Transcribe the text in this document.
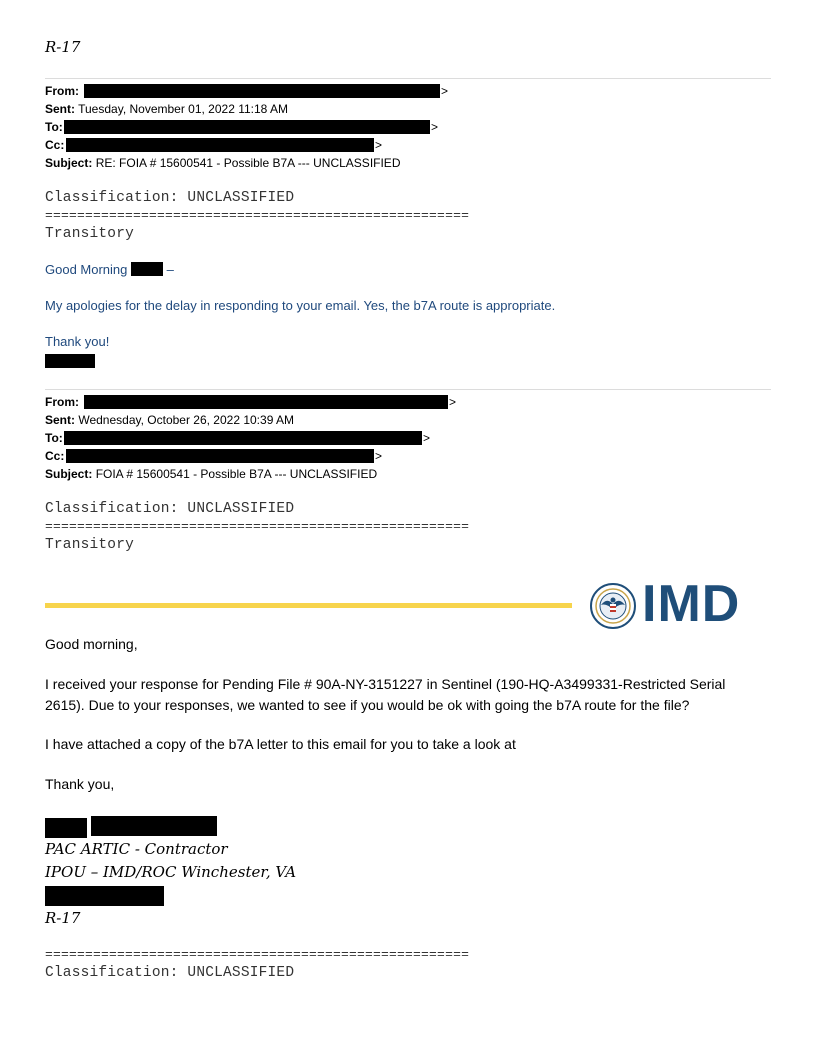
R-17
From:	>
Sent: Tuesday, November 01, 2022 11:18 AM
To:	>
Cc:	>
Subject: RE: FOIA # 15600541 - Possible B7A --- UNCLASSIFIED
Classification: UNCLASSIFIED
=====================================================
Transitory
Good Morning	–
My apologies for the delay in responding to your email. Yes, the b7A route is appropriate.
Thank you!
From:	>
Sent: Wednesday, October 26, 2022 10:39 AM
To:	>
Cc:	>
Subject: FOIA # 15600541 - Possible B7A --- UNCLASSIFIED
Classification: UNCLASSIFIED
=====================================================
Transitory
IMD
Good morning,
I received your response for Pending File # 90A-NY-3151227 in Sentinel (190-HQ-A3499331-Restricted Serial 2615). Due to your responses, we wanted to see if you would be ok with going the b7A route for the file?
I have attached a copy of the b7A letter to this email for you to take a look at
Thank you,
PAC ARTIC - Contractor
IPOU – IMD/ROC Winchester, VA
R-17
=====================================================
Classification: UNCLASSIFIED
